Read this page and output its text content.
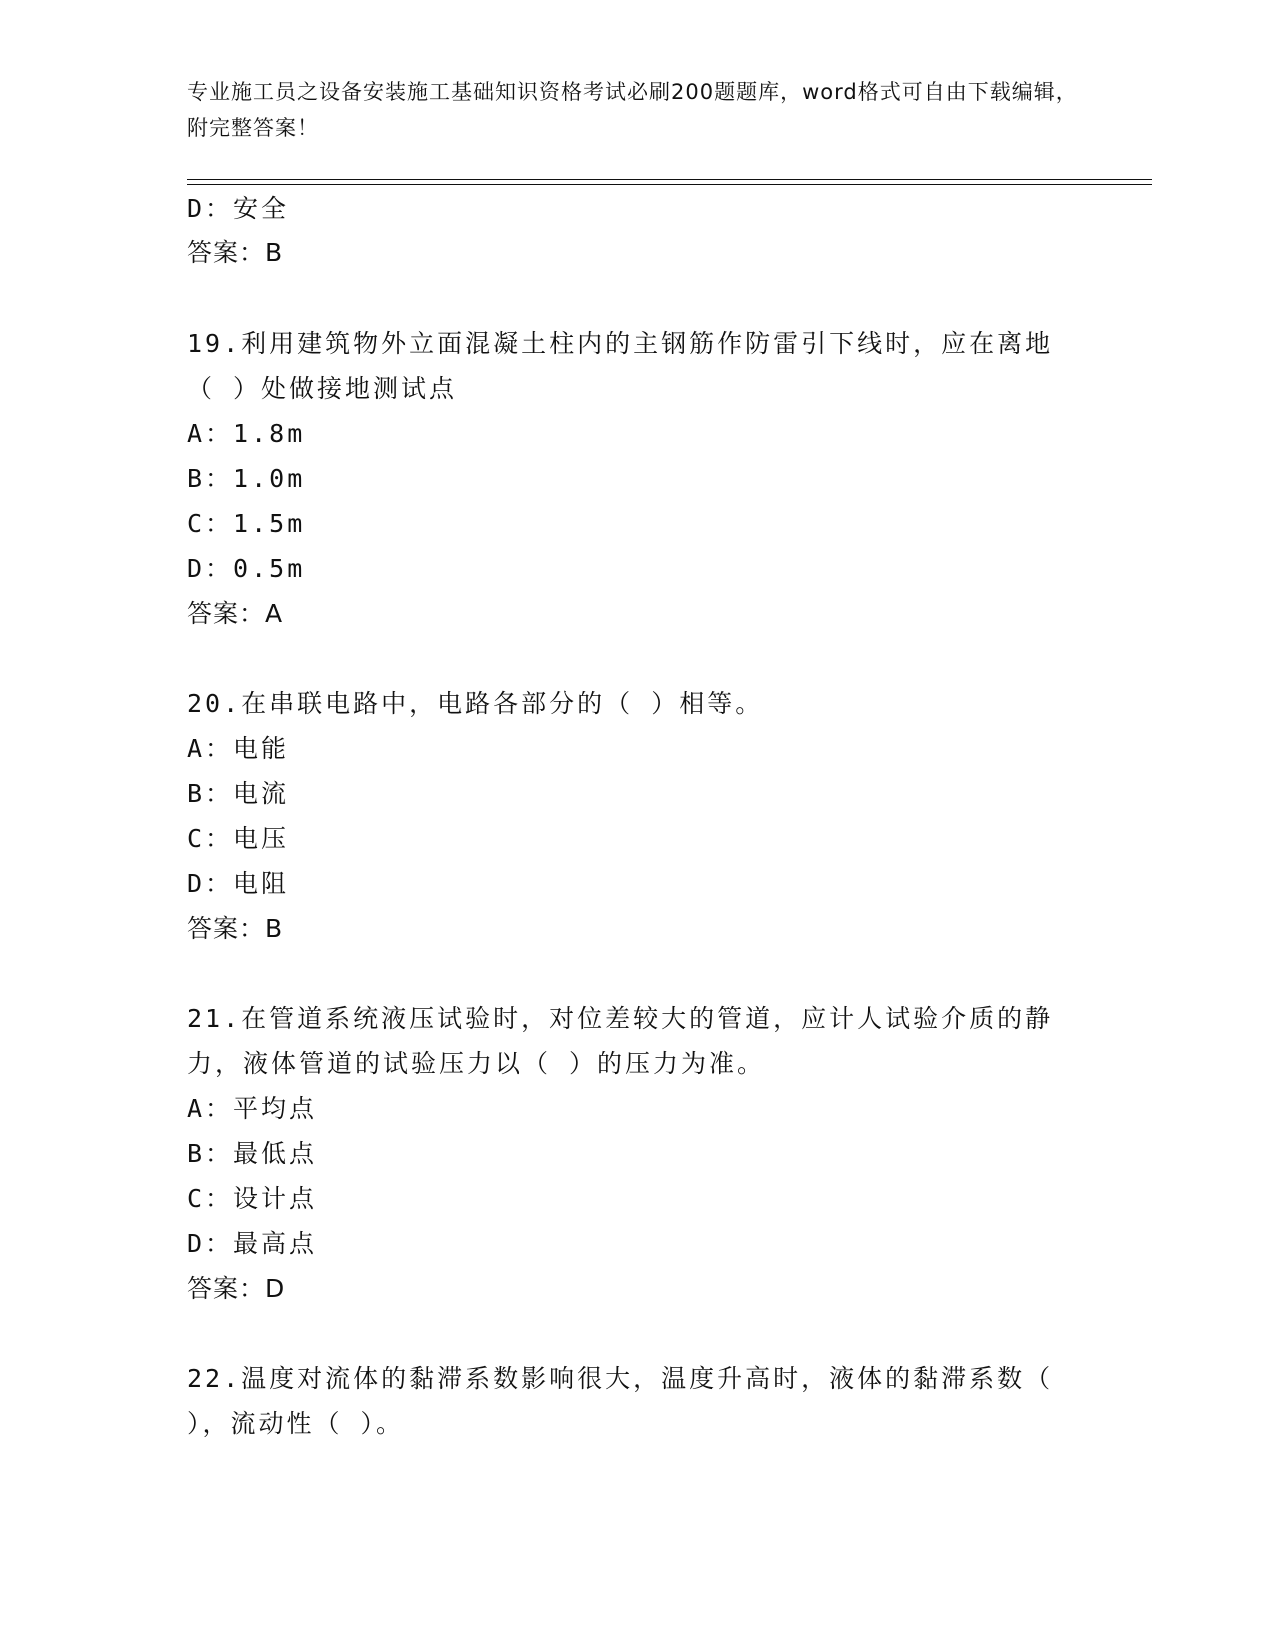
专业施工员之设备安装施工基础知识资格考试必刷200题题库，word格式可自由下载编辑，附完整答案！
D：安全
答案：B
19.利用建筑物外立面混凝土柱内的主钢筋作防雷引下线时，应在离地
（ ）处做接地测试点
A：1.8m
B：1.0m
C：1.5m
D：0.5m
答案：A
20.在串联电路中，电路各部分的（ ）相等。
A：电能
B：电流
C：电压
D：电阻
答案：B
21.在管道系统液压试验时，对位差较大的管道，应计人试验介质的静
力，液体管道的试验压力以（ ）的压力为准。
A：平均点
B：最低点
C：设计点
D：最高点
答案：D
22.温度对流体的黏滞系数影响很大，温度升高时，液体的黏滞系数（
），流动性（ ）。
